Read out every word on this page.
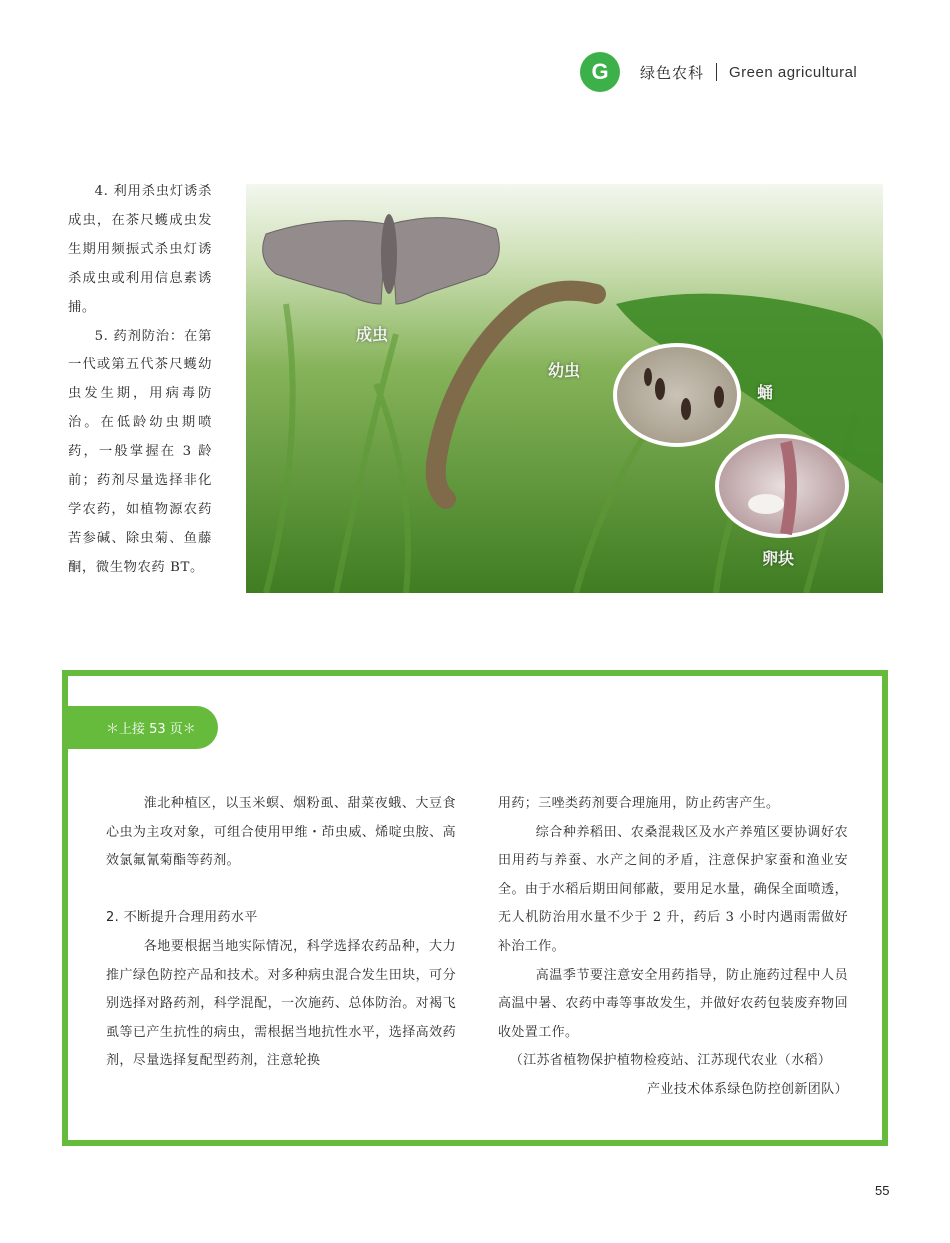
G	绿色农科 Green agricultural

4. 利用杀虫灯诱杀成虫，在茶尺蠖成虫发生期用频振式杀虫灯诱杀成虫或利用信息素诱捕。

5. 药剂防治：在第一代或第五代茶尺蠖幼虫发生期，用病毒防治。在低龄幼虫期喷药，一般掌握在 3 龄前；药剂尽量选择非化学农药，如植物源农药苦参碱、除虫菊、鱼藤酮，微生物农药 BT。

成虫
幼虫
蛹
卵块
＊上接 53 页＊

淮北种植区，以玉米螟、烟粉虱、甜菜夜蛾、大豆食心虫为主攻对象，可组合使用甲维・茚虫威、烯啶虫胺、高效氯氟氰菊酯等药剂。

2. 不断提升合理用药水平

各地要根据当地实际情况，科学选择农药品种，大力推广绿色防控产品和技术。对多种病虫混合发生田块，可分别选择对路药剂，科学混配，一次施药、总体防治。对褐飞虱等已产生抗性的病虫，需根据当地抗性水平，选择高效药剂，尽量选择复配型药剂，注意轮换

用药；三唑类药剂要合理施用，防止药害产生。

综合种养稻田、农桑混栽区及水产养殖区要协调好农田用药与养蚕、水产之间的矛盾，注意保护家蚕和渔业安全。由于水稻后期田间郁蔽，要用足水量，确保全面喷透，无人机防治用水量不少于 2 升，药后 3 小时内遇雨需做好补治工作。

高温季节要注意安全用药指导，防止施药过程中人员高温中暑、农药中毒等事故发生，并做好农药包装废弃物回收处置工作。

（江苏省植物保护植物检疫站、江苏现代农业（水稻）

产业技术体系绿色防控创新团队）

55
